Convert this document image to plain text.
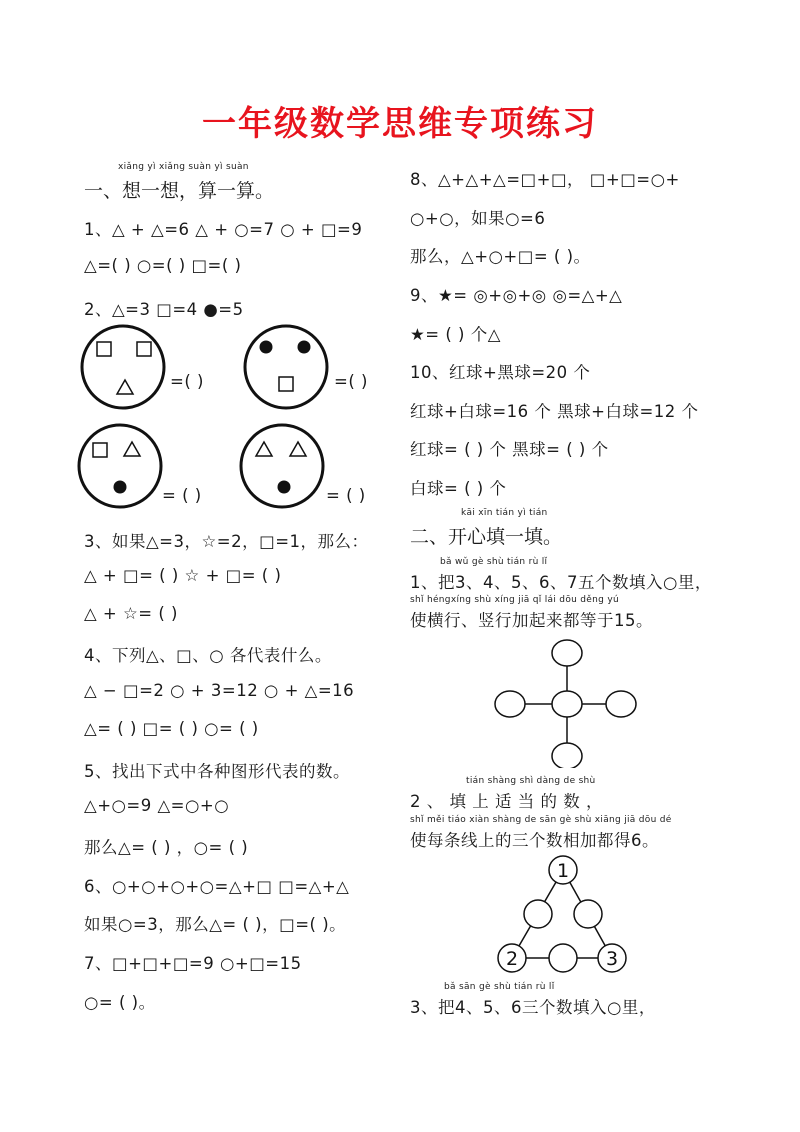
一年级数学思维专项练习
xiǎng yì xiǎng suàn yì suàn
一、想一想，算一算。
1、△ + △=6 △ + ○=7 ○ + □=9
△=( ) ○=( ) □=( )
2、△=3 □=4 ●=5
=( )	=( )
= ( )	= ( )
3、如果△=3，☆=2，□=1，那么：
△ + □= ( ) ☆ + □= ( )
△ + ☆= ( )
4、下列△、□、○ 各代表什么。
△ − □=2 ○ + 3=12 ○ + △=16
△= ( ) □= ( ) ○= ( )
5、找出下式中各种图形代表的数。
△+○=9 △=○+○
那么△= ( ) ，○= ( )
6、○+○+○+○=△+□ □=△+△
如果○=3，那么△= ( )，□=( )。
7、□+□+□=9 ○+□=15
○= ( )。
8、△+△+△=□+□， □+□=○+
○+○，如果○=6
那么，△+○+□= ( )。
9、★= ◎+◎+◎ ◎=△+△
★= ( ) 个△
10、红球+黑球=20 个
红球+白球=16 个 黑球+白球=12 个
红球= ( ) 个 黑球= ( ) 个
白球= ( ) 个
kāi xīn tián yì tián
二、开心填一填。
bǎ wǔ gè shù tián rù lǐ
1、把3、4、5、6、7五个数填入○里，
shǐ héngxíng shù xíng jiā qǐ lái dōu děng yú
使横行、竖行加起来都等于15。
tián shàng shì dàng de shù
2 、 填 上 适 当 的 数 ，
shǐ měi tiáo xiàn shàng de sān gè shù xiāng jiā dōu dé
使每条线上的三个数相加都得6。
1
2	3
bǎ sān gè shù tián rù lǐ
3、把4、5、6三个数填入○里，
